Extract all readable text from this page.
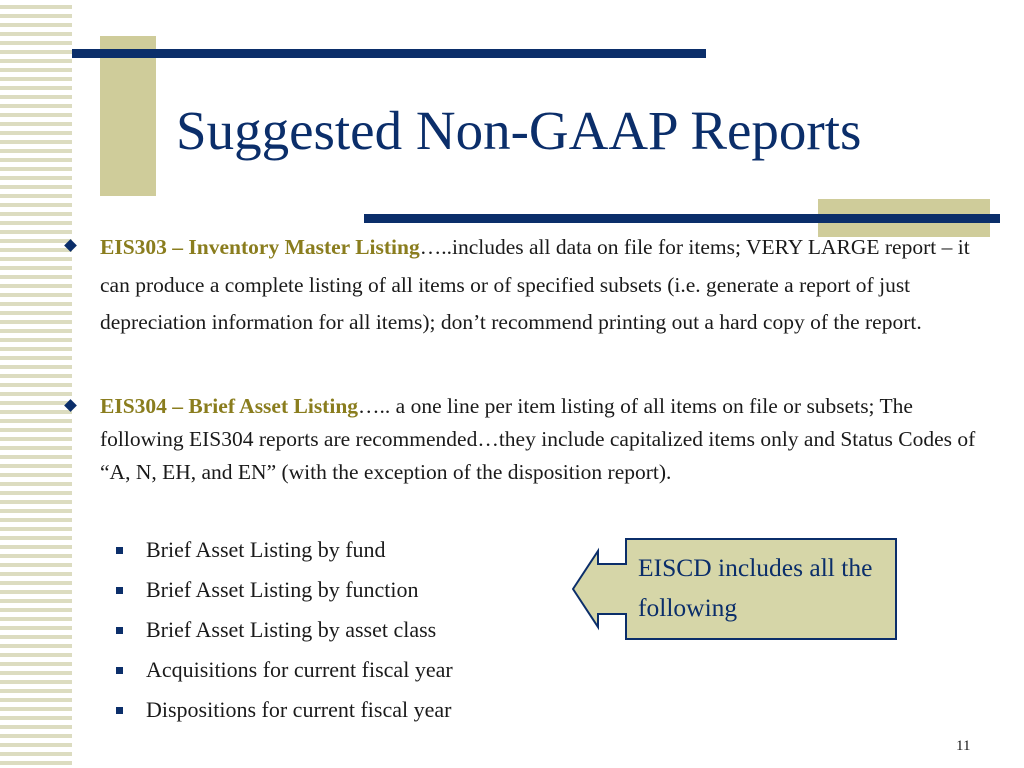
Suggested Non-GAAP Reports
EIS303 – Inventory Master Listing…..includes all data on file for items; VERY LARGE report – it can produce a complete listing of all items or of specified subsets (i.e. generate a report of just depreciation information for all items); don’t recommend printing out a hard copy of the report.
EIS304 – Brief Asset Listing….. a one line per item listing of all items on file or subsets; The following EIS304 reports are recommended…they include capitalized items only and Status Codes of “A, N, EH, and EN” (with the exception of the disposition report).
Brief Asset Listing by fund
Brief Asset Listing by function
Brief Asset Listing by asset class
Acquisitions for current fiscal year
Dispositions for current fiscal year
EISCD includes all the following
11
